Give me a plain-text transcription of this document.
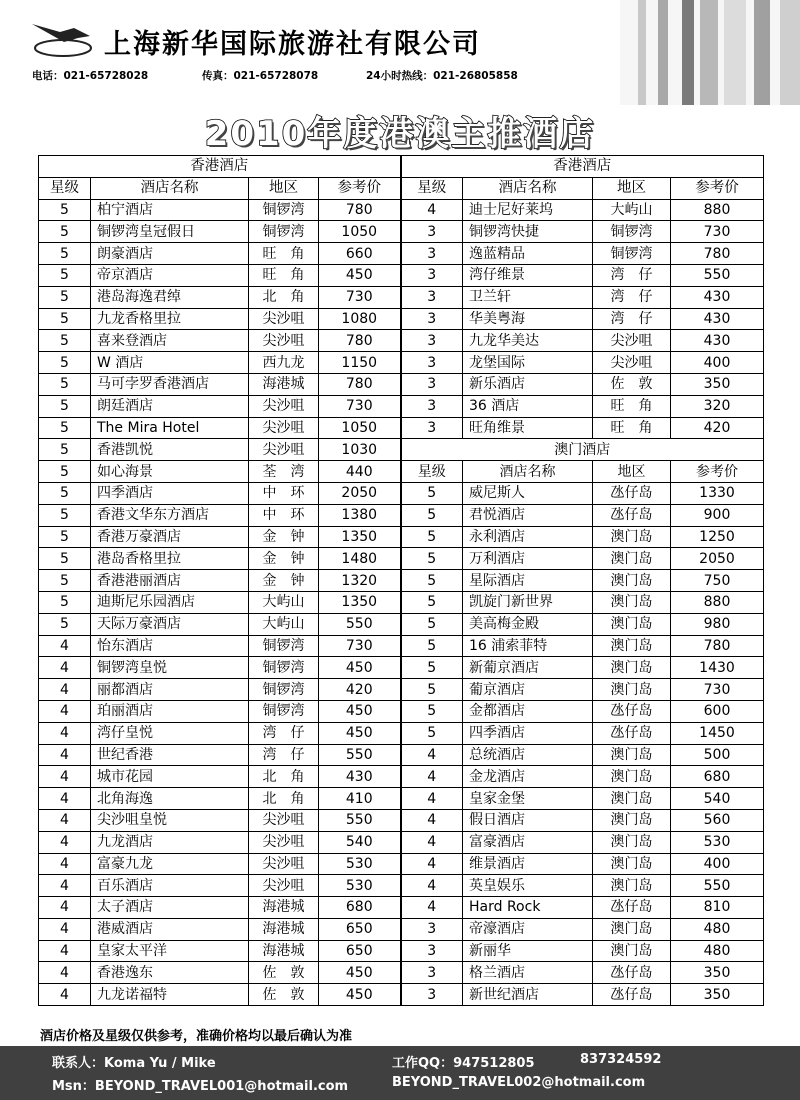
上海新华国际旅游社有限公司
电话：021-65728028	传真：021-65728078	24小时热线：021-26805858
2010年度港澳主推酒店
香港酒店				香港酒店			
星级	酒店名称	地区	参考价	星级	酒店名称	地区	参考价
5	柏宁酒店	铜锣湾	780	4	迪士尼好莱坞	大屿山	880
5	铜锣湾皇冠假日	铜锣湾	1050	3	铜锣湾快捷	铜锣湾	730
5	朗豪酒店	旺　角	660	3	逸蓝精品	铜锣湾	780
5	帝京酒店	旺　角	450	3	湾仔维景	湾　仔	550
5	港岛海逸君绰	北　角	730	3	卫兰轩	湾　仔	430
5	九龙香格里拉	尖沙咀	1080	3	华美粤海	湾　仔	430
5	喜来登酒店	尖沙咀	780	3	九龙华美达	尖沙咀	430
5	W 酒店	西九龙	1150	3	龙堡国际	尖沙咀	400
5	马可孛罗香港酒店	海港城	780	3	新乐酒店	佐　敦	350
5	朗廷酒店	尖沙咀	730	3	36 酒店	旺　角	320
5	The Mira Hotel	尖沙咀	1050	3	旺角维景	旺　角	420
5	香港凯悦	尖沙咀	1030	澳门酒店			
5	如心海景	荃　湾	440	星级	酒店名称	地区	参考价
5	四季酒店	中　环	2050	5	威尼斯人	氹仔岛	1330
5	香港文华东方酒店	中　环	1380	5	君悦酒店	氹仔岛	900
5	香港万豪酒店	金　钟	1350	5	永利酒店	澳门岛	1250
5	港岛香格里拉	金　钟	1480	5	万利酒店	澳门岛	2050
5	香港港丽酒店	金　钟	1320	5	星际酒店	澳门岛	750
5	迪斯尼乐园酒店	大屿山	1350	5	凯旋门新世界	澳门岛	880
5	天际万豪酒店	大屿山	550	5	美高梅金殿	澳门岛	980
4	怡东酒店	铜锣湾	730	5	16 浦索菲特	澳门岛	780
4	铜锣湾皇悦	铜锣湾	450	5	新葡京酒店	澳门岛	1430
4	丽都酒店	铜锣湾	420	5	葡京酒店	澳门岛	730
4	珀丽酒店	铜锣湾	450	5	金都酒店	氹仔岛	600
4	湾仔皇悦	湾　仔	450	5	四季酒店	氹仔岛	1450
4	世纪香港	湾　仔	550	4	总统酒店	澳门岛	500
4	城市花园	北　角	430	4	金龙酒店	澳门岛	680
4	北角海逸	北　角	410	4	皇家金堡	澳门岛	540
4	尖沙咀皇悦	尖沙咀	550	4	假日酒店	澳门岛	560
4	九龙酒店	尖沙咀	540	4	富豪酒店	澳门岛	530
4	富豪九龙	尖沙咀	530	4	维景酒店	澳门岛	400
4	百乐酒店	尖沙咀	530	4	英皇娱乐	澳门岛	550
4	太子酒店	海港城	680	4	Hard Rock	氹仔岛	810
4	港威酒店	海港城	650	3	帝濠酒店	澳门岛	480
4	皇家太平洋	海港城	650	3	新丽华	澳门岛	480
4	香港逸东	佐　敦	450	3	格兰酒店	氹仔岛	350
4	九龙诺福特	佐　敦	450	3	新世纪酒店	氹仔岛	350
酒店价格及星级仅供参考，准确价格均以最后确认为准
联系人：Koma Yu / Mike	工作QQ：947512805	837324592
Msn：BEYOND_TRAVEL001@hotmail.com	BEYOND_TRAVEL002@hotmail.com
